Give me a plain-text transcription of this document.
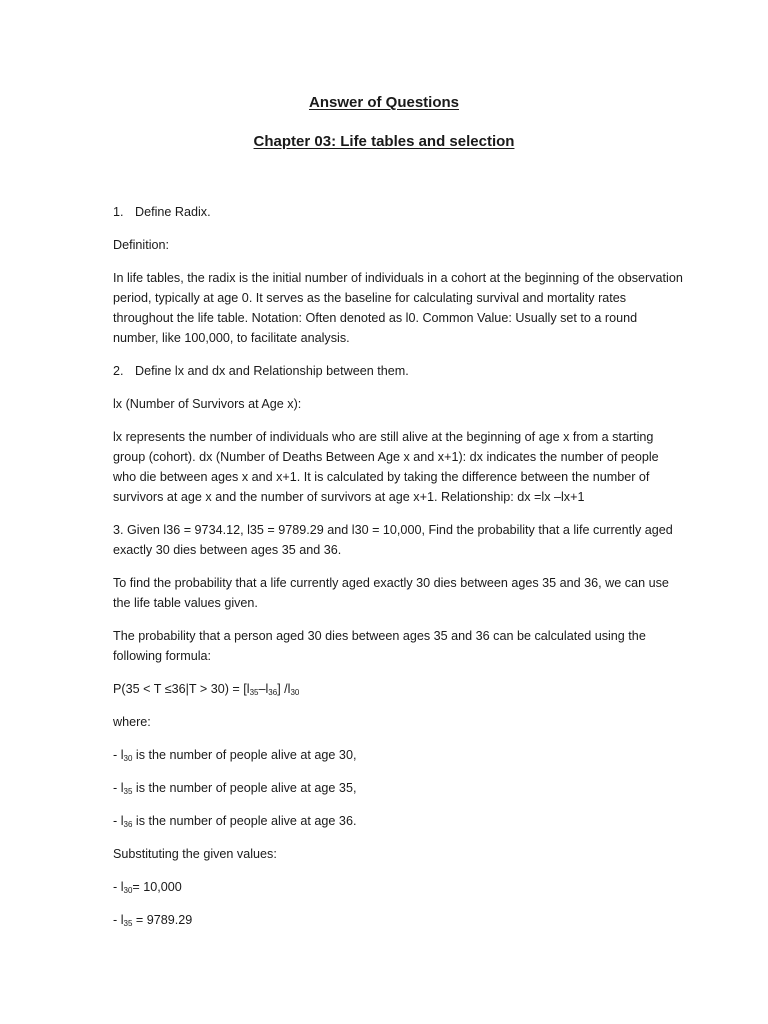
Answer of Questions
Chapter 03: Life tables and selection

1. Define Radix.

Definition:

In life tables, the radix is the initial number of individuals in a cohort at the beginning of the observation period, typically at age 0. It serves as the baseline for calculating survival and mortality rates throughout the life table. Notation: Often denoted as l0. Common Value: Usually set to a round number, like 100,000, to facilitate analysis.

2. Define lx and dx and Relationship between them.

lx (Number of Survivors at Age x):

lx represents the number of individuals who are still alive at the beginning of age x from a starting group (cohort). dx (Number of Deaths Between Age x and x+1): dx indicates the number of people who die between ages x and x+1. It is calculated by taking the difference between the number of survivors at age x and the number of survivors at age x+1. Relationship: dx =lx –lx+1

3. Given l36 = 9734.12, l35 = 9789.29 and l30 = 10,000, Find the probability that a life currently aged exactly 30 dies between ages 35 and 36.

To find the probability that a life currently aged exactly 30 dies between ages 35 and 36, we can use the life table values given.

The probability that a person aged 30 dies between ages 35 and 36 can be calculated using the following formula:

$P(35 < T \le 36|T > 30) = [l_{35}-l_{36}]$ $/l_{30}$

where:

- $l_{30}$ is the number of people alive at age 30,

- $l_{35}$ is the number of people alive at age 35,

- $l_{36}$ is the number of people alive at age 36.

Substituting the given values:

- $l_{30}= 10,000$

- $l_{35} = 9789.29$
